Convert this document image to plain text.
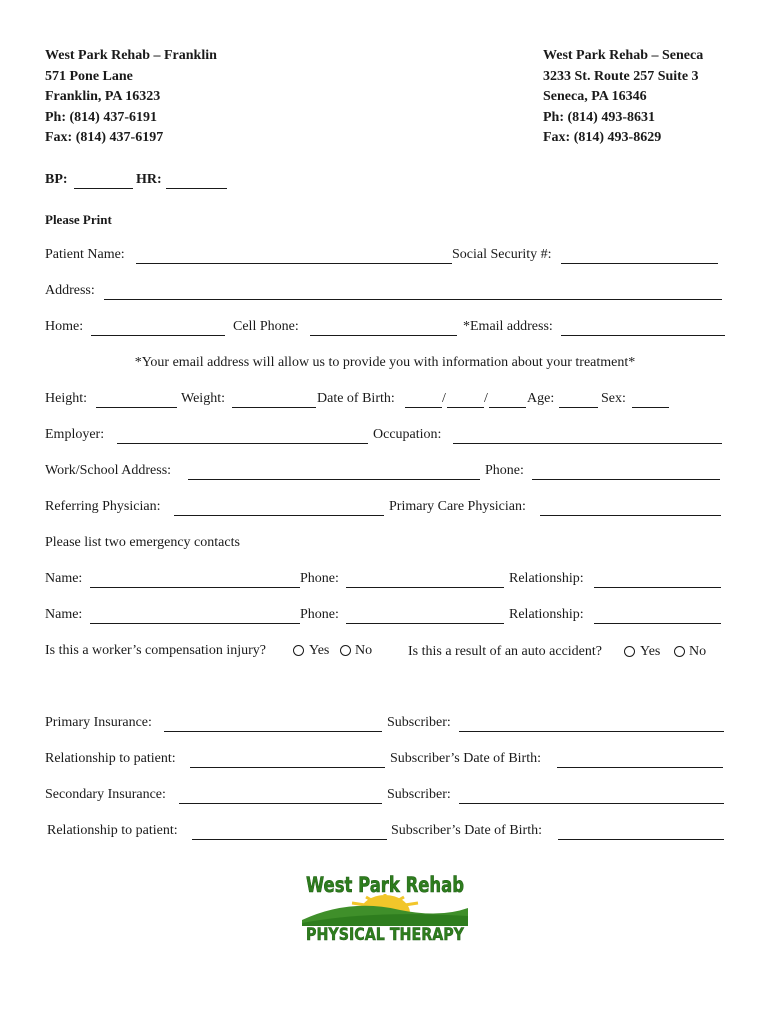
West Park Rehab – Franklin
571 Pone Lane
Franklin, PA 16323
Ph: (814) 437-6191
Fax: (814) 437-6197
West Park Rehab – Seneca
3233 St. Route 257 Suite 3
Seneca, PA 16346
Ph: (814) 493-8631
Fax: (814) 493-8629
BP:	HR:
Please Print
Patient Name:	Social Security #:
Address:
Home:	Cell Phone:	*Email address:
*Your email address will allow us to provide you with information about your treatment*
Height:	Weight:	Date of Birth:	/	/	Age:	Sex:
Employer:	Occupation:
Work/School Address:	Phone:
Referring Physician:	Primary Care Physician:
Please list two emergency contacts
Name:	Phone:	Relationship:
Name:	Phone:	Relationship:
Is this a worker’s compensation injury?	Yes No	Is this a result of an auto accident?	Yes No
Primary Insurance:	Subscriber:
Relationship to patient:	Subscriber’s Date of Birth:
Secondary Insurance:	Subscriber:
Relationship to patient:	Subscriber’s Date of Birth:
West Park Rehab
PHYSICAL THERAPY
